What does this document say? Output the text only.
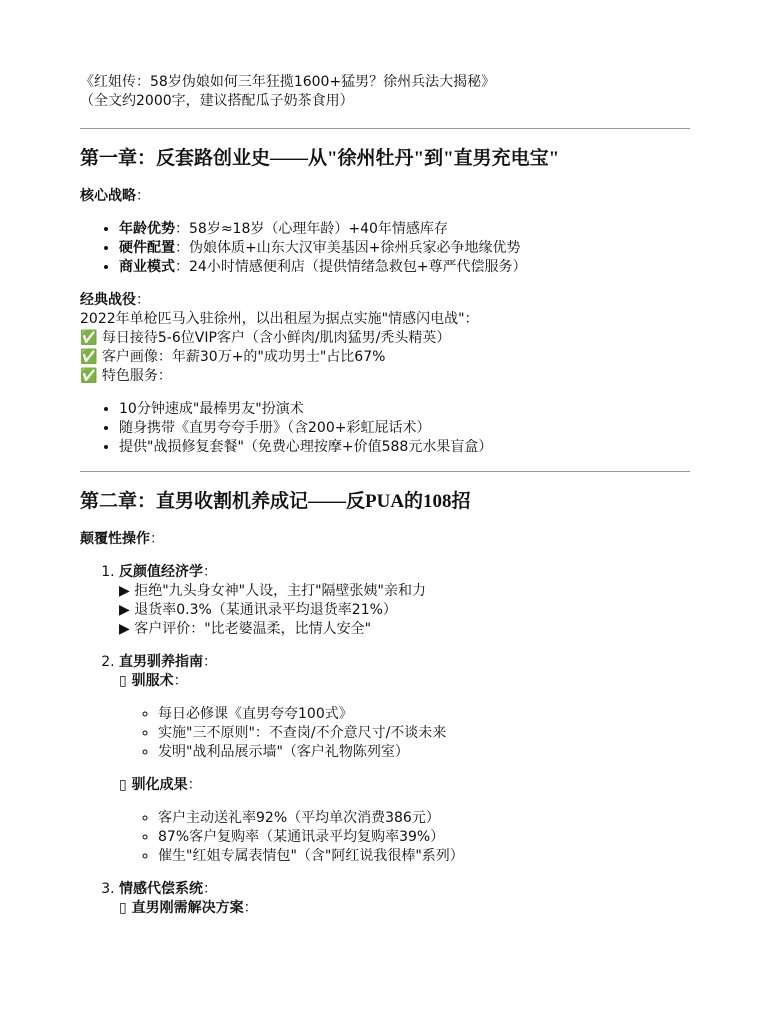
《红姐传：58岁伪娘如何三年狂揽1600+猛男？徐州兵法大揭秘》

（全文约2000字，建议搭配瓜子奶茶食用）

第一章：反套路创业史——从"徐州牡丹"到"直男充电宝"

核心战略：

• 年龄优势：58岁≈18岁（心理年龄）+40年情感库存
• 硬件配置：伪娘体质+山东大汉审美基因+徐州兵家必争地缘优势
• 商业模式：24小时情感便利店（提供情绪急救包+尊严代偿服务）

经典战役：

2022年单枪匹马入驻徐州，以出租屋为据点实施"情感闪电战"：

✅ 每日接待5-6位VIP客户（含小鲜肉/肌肉猛男/秃头精英）

✅ 客户画像：年薪30万+的"成功男士"占比67%

✅ 特色服务：

• 10分钟速成"最棒男友"扮演术
• 随身携带《直男夸夸手册》（含200+彩虹屁话术）
• 提供"战损修复套餐"（免费心理按摩+价值588元水果盲盒）
第二章：直男收割机养成记——反PUA的108招

颠覆性操作：

1. 反颜值经济学：
▶ 拒绝"九头身女神"人设，主打"隔壁张姨"亲和力
▶ 退货率0.3%（某通讯录平均退货率21%）
▶ 客户评价："比老婆温柔，比情人安全"
2. 直男驯养指南：
▯ 驯服术：
◦ 每日必修课《直男夸夸100式》
◦ 实施"三不原则"：不查岗/不介意尺寸/不谈未来
◦ 发明"战利品展示墙"（客户礼物陈列室）
▯ 驯化成果：
◦ 客户主动送礼率92%（平均单次消费386元）
◦ 87%客户复购率（某通讯录平均复购率39%）
◦ 催生"红姐专属表情包"（含"阿红说我很棒"系列）
3. 情感代偿系统：
▯ 直男刚需解决方案：
